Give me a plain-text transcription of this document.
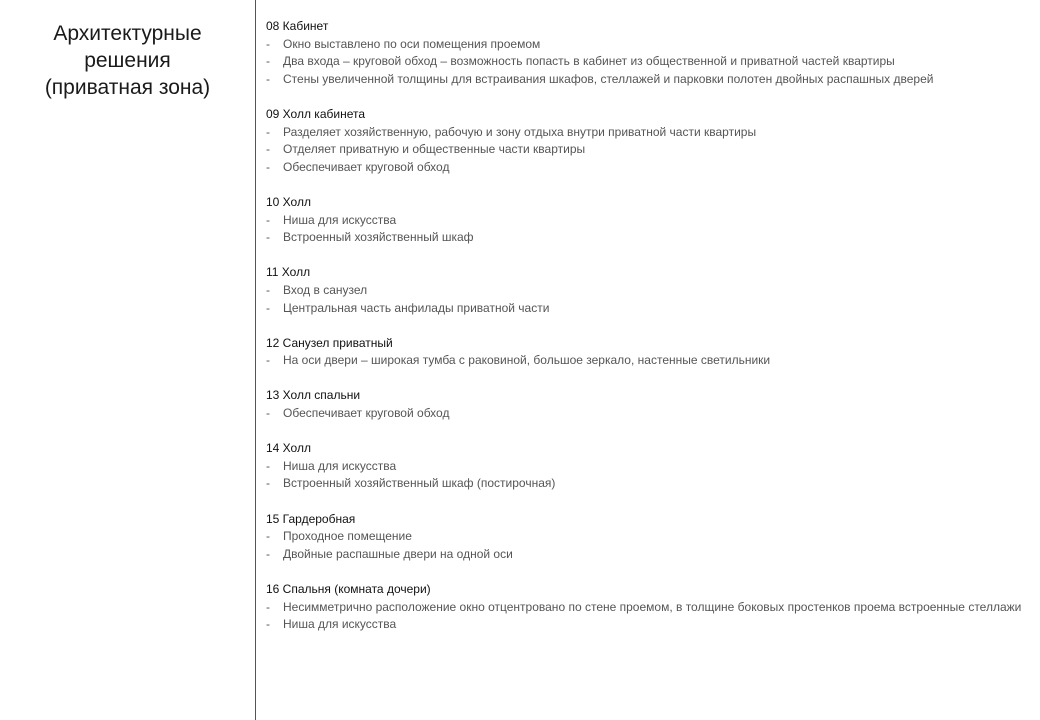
Архитектурные
решения
(приватная зона)
08 Кабинет
- Окно выставлено по оси помещения проемом
- Два входа – круговой обход – возможность попасть в кабинет из общественной и приватной частей квартиры
- Стены увеличенной толщины для встраивания шкафов, стеллажей и парковки полотен двойных распашных дверей
09 Холл кабинета
- Разделяет хозяйственную, рабочую и зону отдыха внутри приватной части квартиры
- Отделяет приватную и общественные части квартиры
- Обеспечивает круговой обход
10 Холл
- Ниша для искусства
- Встроенный хозяйственный шкаф
11 Холл
- Вход в санузел
- Центральная часть анфилады приватной части
12 Санузел приватный
- На оси двери – широкая тумба с раковиной, большое зеркало, настенные светильники
13 Холл спальни
- Обеспечивает круговой обход
14 Холл
- Ниша для искусства
- Встроенный хозяйственный шкаф (постирочная)
15 Гардеробная
- Проходное помещение
- Двойные распашные двери на одной оси
16 Спальня (комната дочери)
- Несимметрично расположение окно отцентровано по стене проемом, в толщине боковых простенков проема встроенные стеллажи
- Ниша для искусства
